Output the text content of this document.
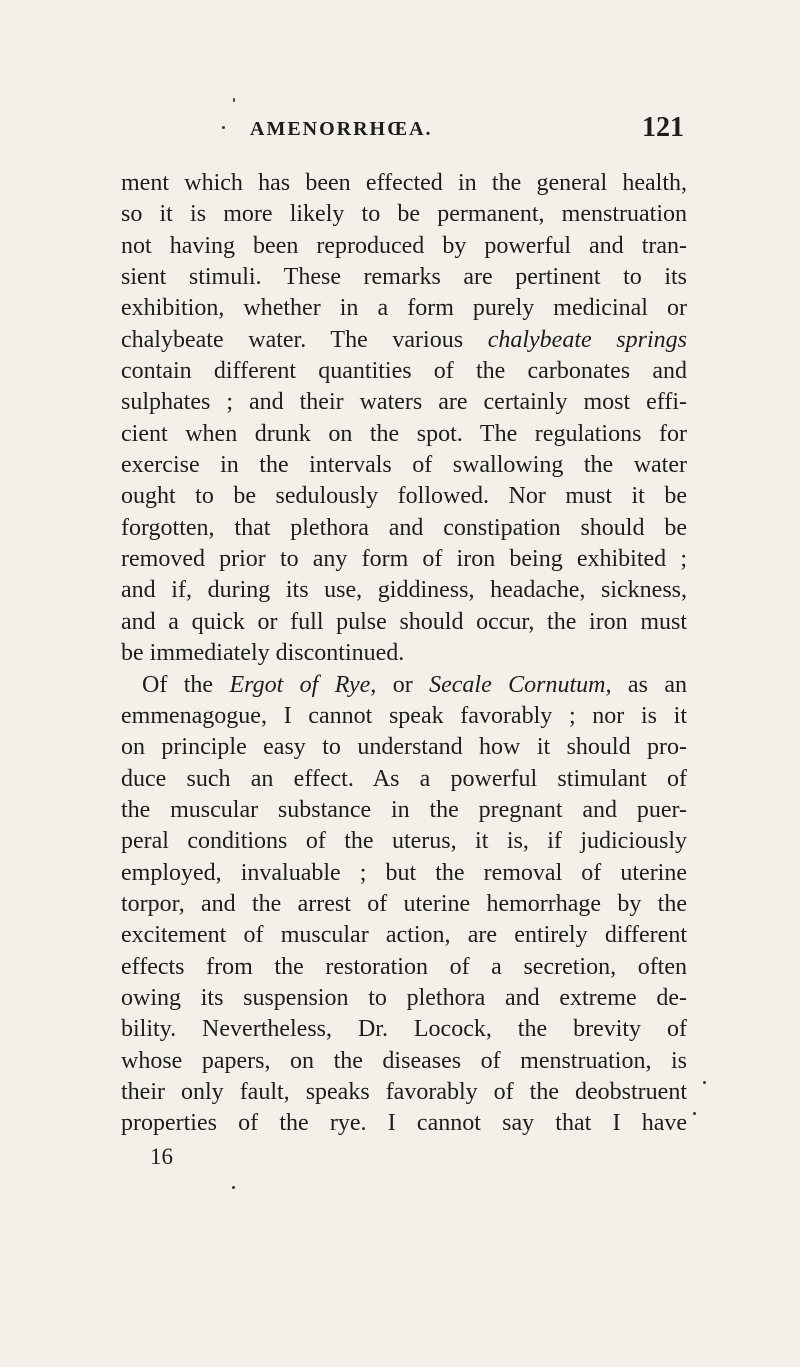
AMENORRHŒA.	121
ment which has been effected in the general health,
so it is more likely to be permanent, menstruation
not having been reproduced by powerful and tran-
sient stimuli. These remarks are pertinent to its
exhibition, whether in a form purely medicinal or
chalybeate water. The various chalybeate springs
contain different quantities of the carbonates and
sulphates ; and their waters are certainly most effi-
cient when drunk on the spot. The regulations for
exercise in the intervals of swallowing the water
ought to be sedulously followed. Nor must it be
forgotten, that plethora and constipation should be
removed prior to any form of iron being exhibited ;
and if, during its use, giddiness, headache, sickness,
and a quick or full pulse should occur, the iron must
be immediately discontinued.
Of the Ergot of Rye, or Secale Cornutum, as an
emmenagogue, I cannot speak favorably ; nor is it
on principle easy to understand how it should pro-
duce such an effect. As a powerful stimulant of
the muscular substance in the pregnant and puer-
peral conditions of the uterus, it is, if judiciously
employed, invaluable ; but the removal of uterine
torpor, and the arrest of uterine hemorrhage by the
excitement of muscular action, are entirely different
effects from the restoration of a secretion, often
owing its suspension to plethora and extreme de-
bility. Nevertheless, Dr. Locock, the brevity of
whose papers, on the diseases of menstruation, is
their only fault, speaks favorably of the deobstruent
properties of the rye. I cannot say that I have
16
